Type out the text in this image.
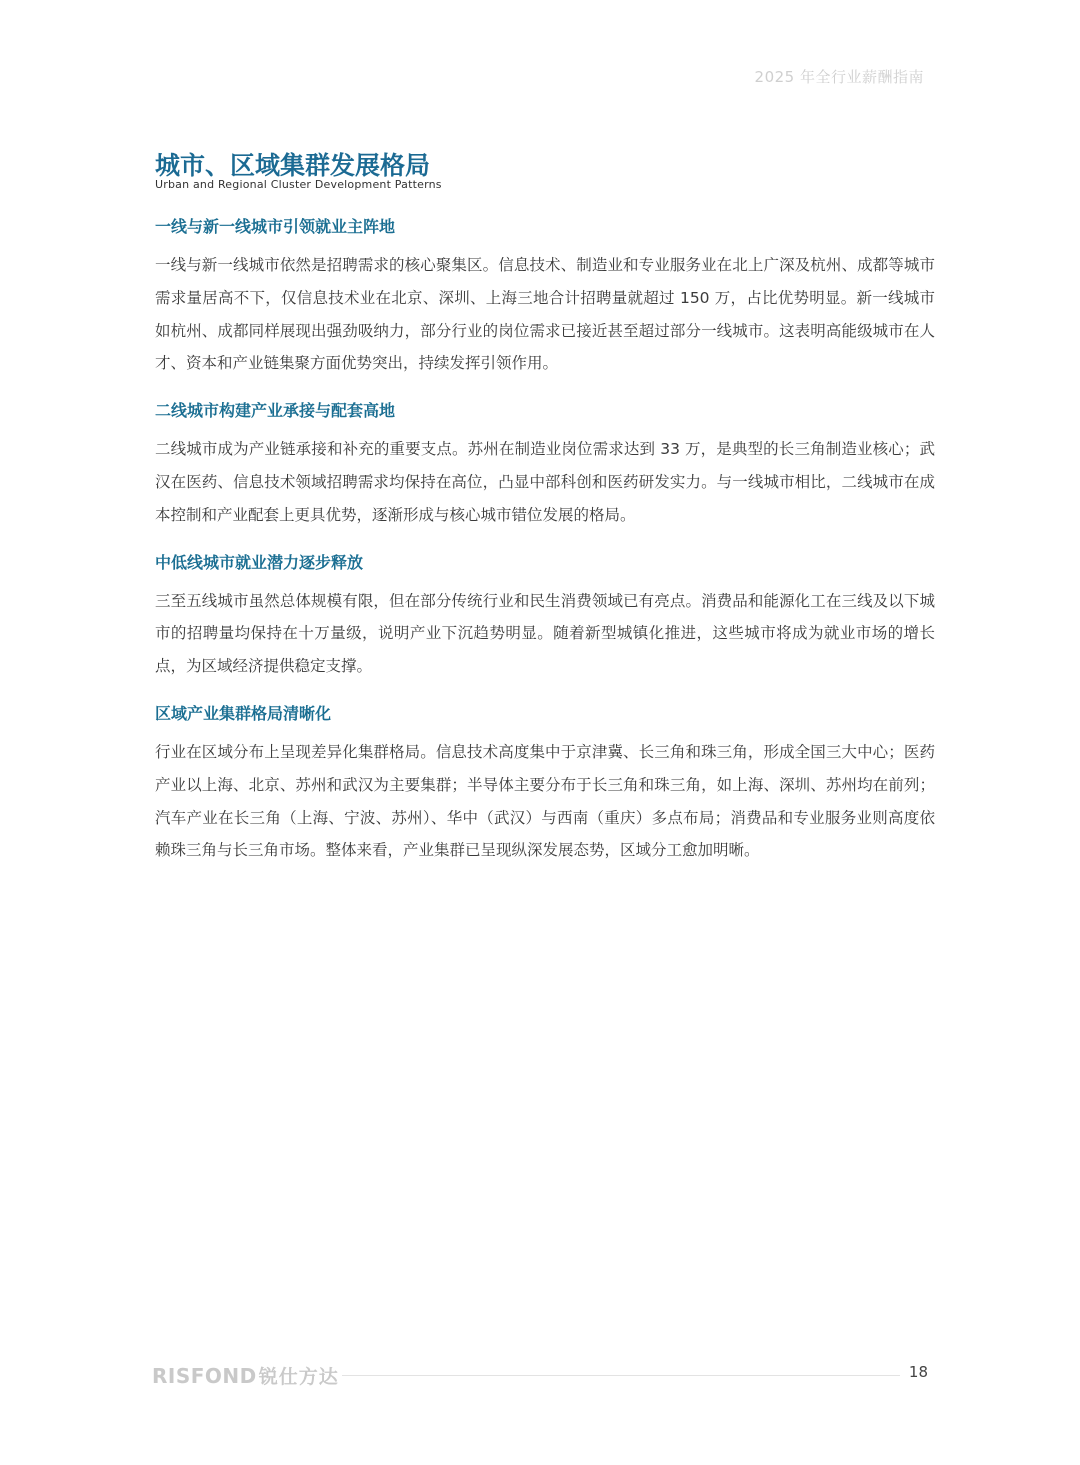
2025 年全行业薪酬指南
城市、区域集群发展格局
Urban and Regional Cluster Development Patterns
一线与新一线城市引领就业主阵地

一线与新一线城市依然是招聘需求的核心聚集区。信息技术、制造业和专业服务业在北上广深及杭州、成都等城市需求量居高不下，仅信息技术业在北京、深圳、上海三地合计招聘量就超过 150 万，占比优势明显。新一线城市如杭州、成都同样展现出强劲吸纳力，部分行业的岗位需求已接近甚至超过部分一线城市。这表明高能级城市在人才、资本和产业链集聚方面优势突出，持续发挥引领作用。

二线城市构建产业承接与配套高地

二线城市成为产业链承接和补充的重要支点。苏州在制造业岗位需求达到 33 万，是典型的长三角制造业核心；武汉在医药、信息技术领域招聘需求均保持在高位，凸显中部科创和医药研发实力。与一线城市相比，二线城市在成本控制和产业配套上更具优势，逐渐形成与核心城市错位发展的格局。

中低线城市就业潜力逐步释放

三至五线城市虽然总体规模有限，但在部分传统行业和民生消费领域已有亮点。消费品和能源化工在三线及以下城市的招聘量均保持在十万量级，说明产业下沉趋势明显。随着新型城镇化推进，这些城市将成为就业市场的增长点，为区域经济提供稳定支撑。

区域产业集群格局清晰化

行业在区域分布上呈现差异化集群格局。信息技术高度集中于京津冀、长三角和珠三角，形成全国三大中心；医药产业以上海、北京、苏州和武汉为主要集群；半导体主要分布于长三角和珠三角，如上海、深圳、苏州均在前列；汽车产业在长三角（上海、宁波、苏州）、华中（武汉）与西南（重庆）多点布局；消费品和专业服务业则高度依赖珠三角与长三角市场。整体来看，产业集群已呈现纵深发展态势，区域分工愈加明晰。

RISFOND 锐仕方达	18
